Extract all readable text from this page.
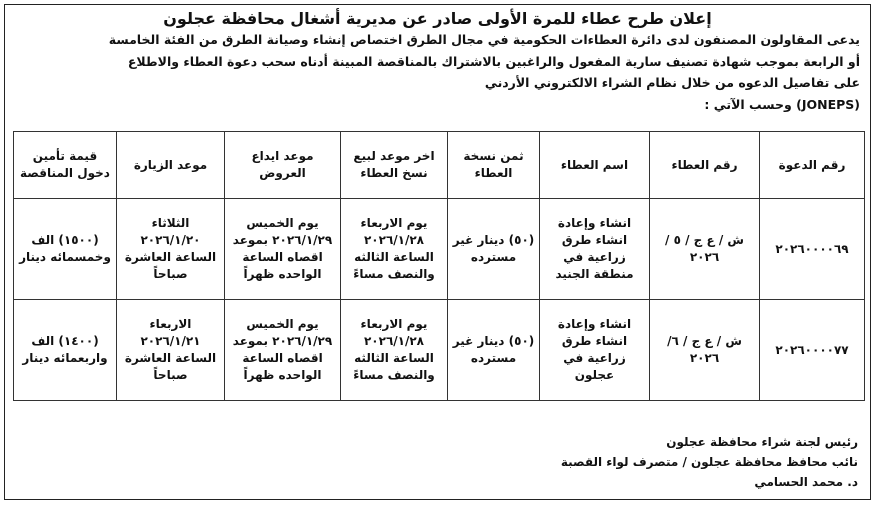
إعلان طرح عطاء للمرة الأولى صادر عن مديرية أشغال محافظة عجلون
يدعى المقاولون المصنفون لدى دائرة العطاءات الحكومية في مجال الطرق اختصاص إنشاء وصيانة الطرق من الفئة الخامسة
أو الرابعة بموجب شهادة تصنيف سارية المفعول والراغبين بالاشتراك بالمناقصة المبينة أدناه سحب دعوة العطاء والاطلاع
على تفاصيل الدعوه من خلال نظام الشراء الالكتروني الأردني
(JONEPS) وحسب الآتي :
رقم الدعوة	رقم العطاء	اسم العطاء	ثمن نسخة العطاء	اخر موعد لبيع نسخ العطاء	موعد ايداع العروض	موعد الزيارة	قيمة تأمين دخول المناقصة
٢٠٢٦٠٠٠٠٦٩	ش / ع ج / ٥ / ٢٠٢٦	انشاء وإعادة انشاء طرق زراعية في منطقة الجنيد	(٥٠) دينار غير مسترده	يوم الاربعاء ٢٠٢٦/١/٢٨ الساعة الثالثه والنصف مساءً	يوم الخميس ٢٠٢٦/١/٢٩ بموعد اقصاه الساعة الواحده ظهراً	الثلاثاء ٢٠٢٦/١/٢٠ الساعة العاشرة صباحاً	(١٥٠٠) الف وخمسمائه دينار
٢٠٢٦٠٠٠٠٧٧	ش / ع ج / ٦/ ٢٠٢٦	انشاء وإعادة انشاء طرق زراعية في عجلون	(٥٠) دينار غير مسترده	يوم الاربعاء ٢٠٢٦/١/٢٨ الساعة الثالثه والنصف مساءً	يوم الخميس ٢٠٢٦/١/٢٩ بموعد اقصاه الساعة الواحده ظهراً	الاربعاء ٢٠٢٦/١/٢١ الساعة العاشرة صباحاً	(١٤٠٠) الف واربعمائه دينار
رئيس لجنة شراء محافظة عجلون
نائب محافظ محافظة عجلون / متصرف لواء القصبة
د. محمد الحسامي
